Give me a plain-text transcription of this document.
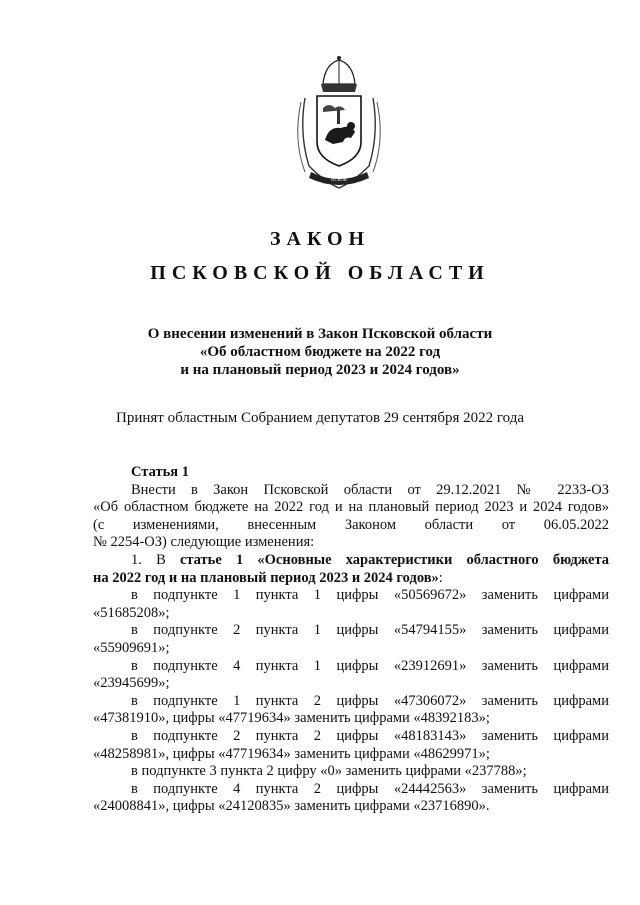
ПСКОВ
ЗАКОН
ПСКОВСКОЙ ОБЛАСТИ
О внесении изменений в Закон Псковской области
«Об областном бюджете на 2022 год
и на плановый период 2023 и 2024 годов»
Принят областным Собранием депутатов 29 сентября 2022 года

Статья 1

Внести в Закон Псковской области от 29.12.2021 № 2233-ОЗ

«Об областном бюджете на 2022 год и на плановый период 2023 и 2024 годов»

(с изменениями, внесенным Законом области от 06.05.2022

№ 2254-ОЗ) следующие изменения:

1. В статье 1 «Основные характеристики областного бюджета

на 2022 год и на плановый период 2023 и 2024 годов»:

в подпункте 1 пункта 1 цифры «50569672» заменить цифрами

«51685208»;

в подпункте 2 пункта 1 цифры «54794155» заменить цифрами

«55909691»;

в подпункте 4 пункта 1 цифры «23912691» заменить цифрами

«23945699»;

в подпункте 1 пункта 2 цифры «47306072» заменить цифрами

«47381910», цифры «47719634» заменить цифрами «48392183»;

в подпункте 2 пункта 2 цифры «48183143» заменить цифрами

«48258981», цифры «47719634» заменить цифрами «48629971»;

в подпункте 3 пункта 2 цифру «0» заменить цифрами «237788»;

в подпункте 4 пункта 2 цифры «24442563» заменить цифрами

«24008841», цифры «24120835» заменить цифрами «23716890».
